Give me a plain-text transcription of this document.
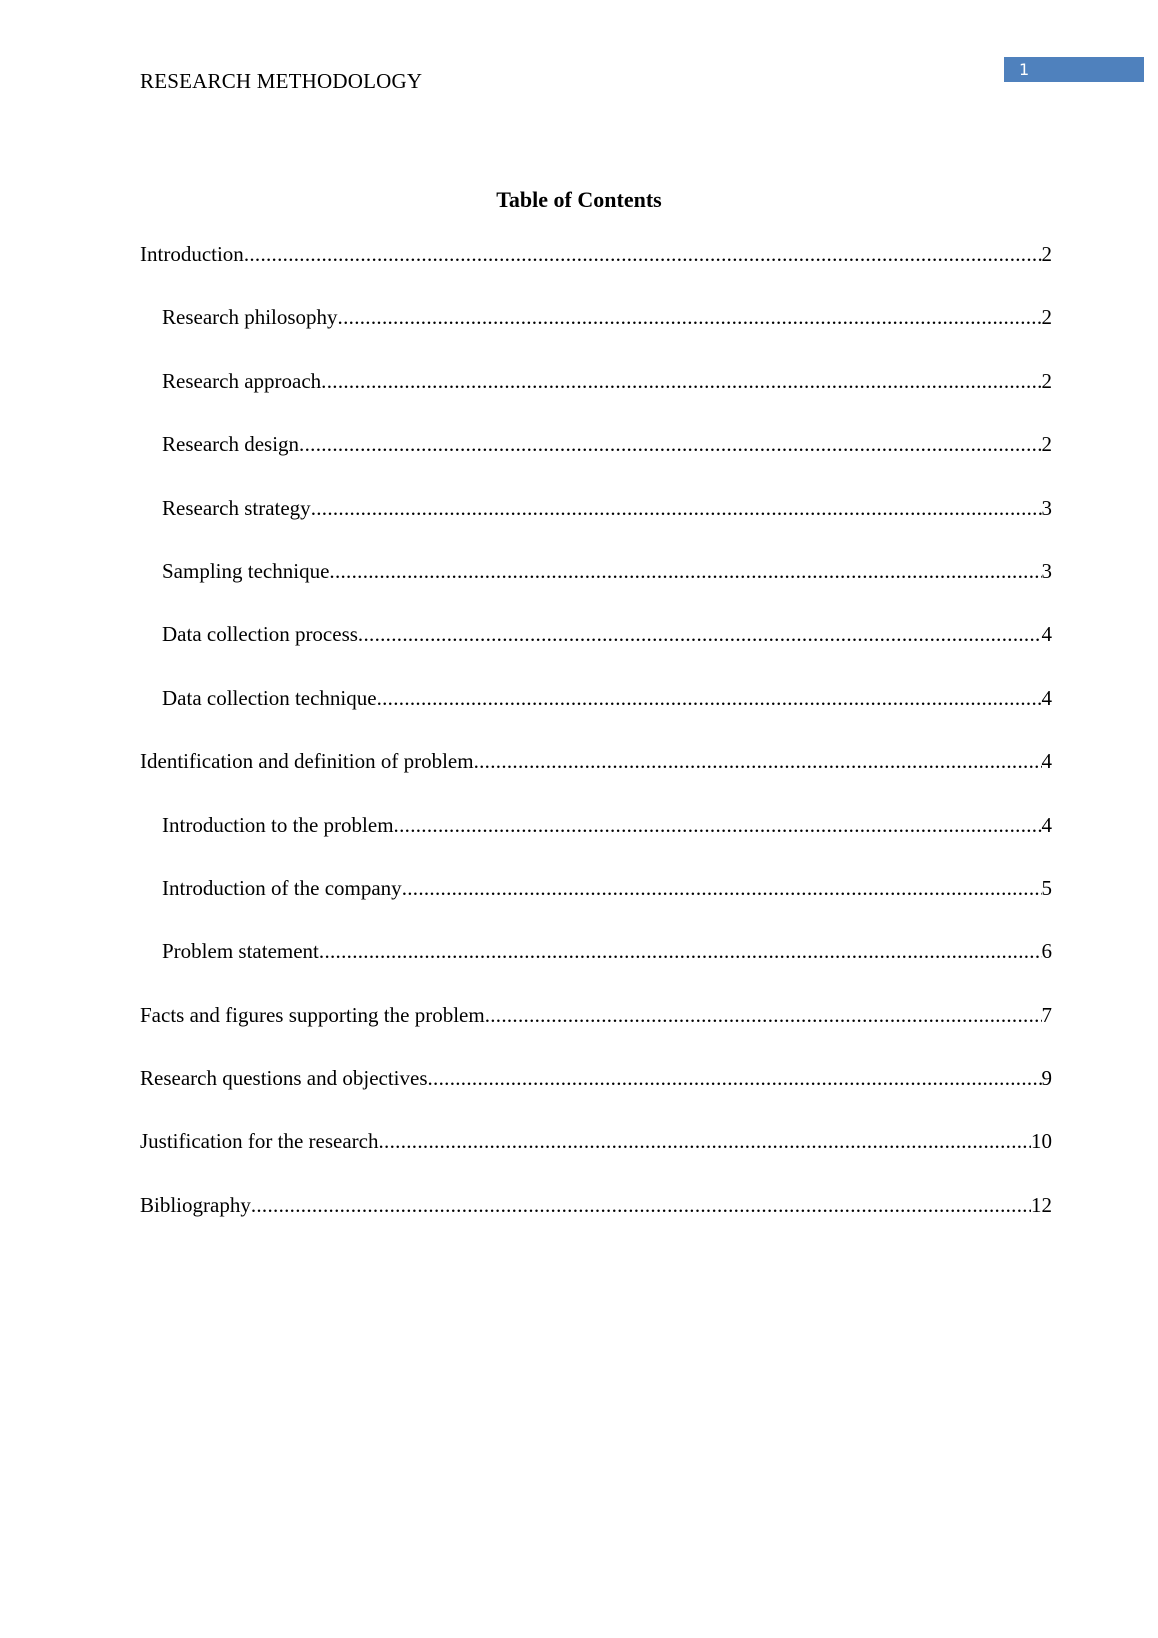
RESEARCH METHODOLOGY	1
Table of Contents
Introduction .....	2
Research philosophy .....	2
Research approach .....	2
Research design .....	2
Research strategy .....	3
Sampling technique .....	3
Data collection process .....	4
Data collection technique .....	4
Identification and definition of problem .....	4
Introduction to the problem .....	4
Introduction of the company .....	5
Problem statement .....	6
Facts and figures supporting the problem .....	7
Research questions and objectives .....	9
Justification for the research .....	10
Bibliography .....	12
